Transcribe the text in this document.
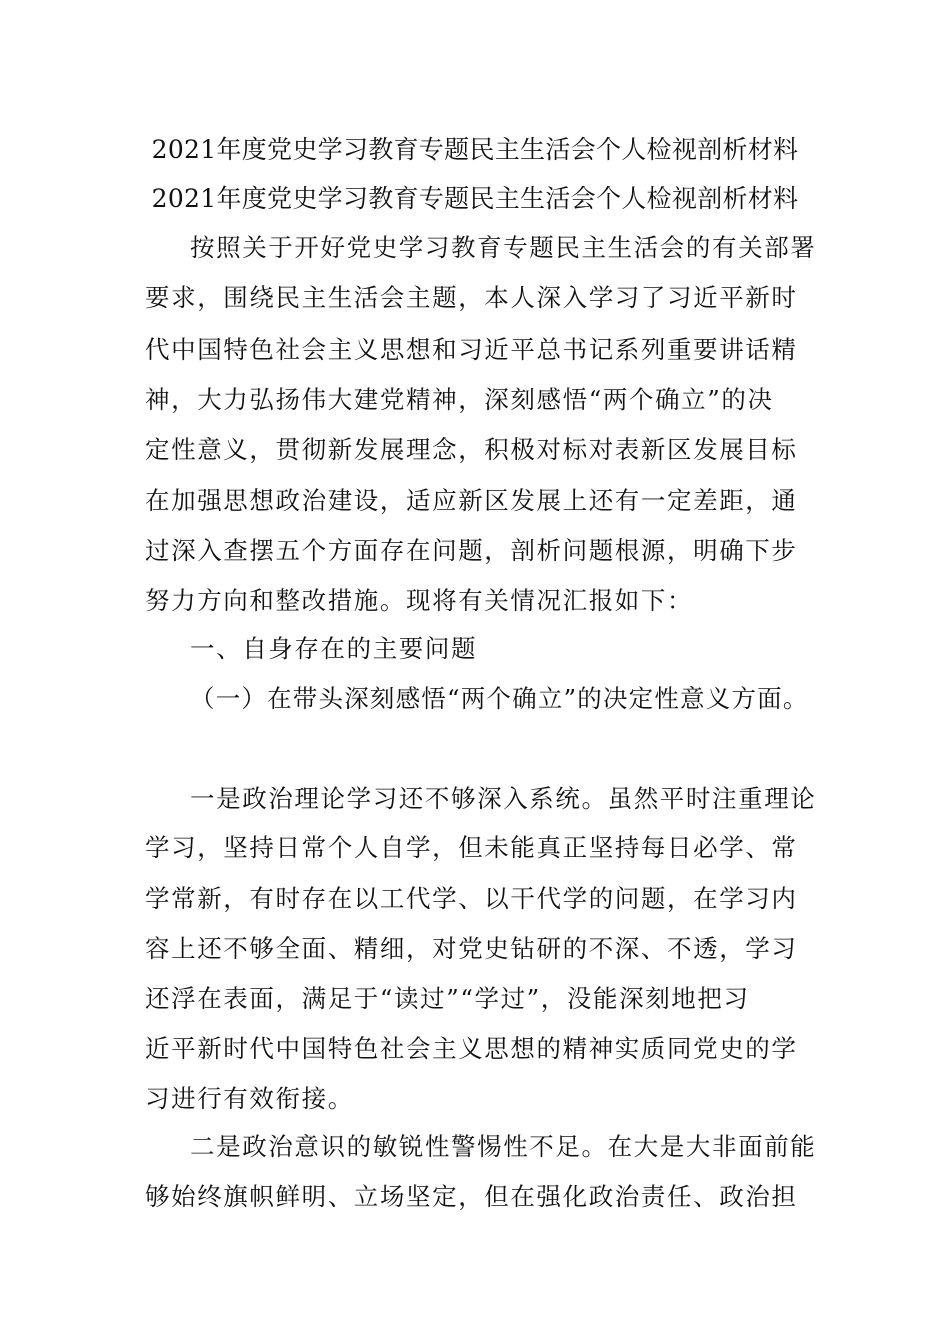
2021年度党史学习教育专题民主生活会个人检视剖析材料
2021年度党史学习教育专题民主生活会个人检视剖析材料
按照关于开好党史学习教育专题民主生活会的有关部署
要求，围绕民主生活会主题，本人深入学习了习近平新时
代中国特色社会主义思想和习近平总书记系列重要讲话精
神，大力弘扬伟大建党精神，深刻感悟“两个确立”的决
定性意义，贯彻新发展理念，积极对标对表新区发展目标
在加强思想政治建设，适应新区发展上还有一定差距，通
过深入查摆五个方面存在问题，剖析问题根源，明确下步
努力方向和整改措施。现将有关情况汇报如下：
一、自身存在的主要问题
（一）在带头深刻感悟“两个确立”的决定性意义方面。
一是政治理论学习还不够深入系统。虽然平时注重理论
学习，坚持日常个人自学，但未能真正坚持每日必学、常
学常新，有时存在以工代学、以干代学的问题，在学习内
容上还不够全面、精细，对党史钻研的不深、不透，学习
还浮在表面，满足于“读过”“学过”，没能深刻地把习
近平新时代中国特色社会主义思想的精神实质同党史的学
习进行有效衔接。
二是政治意识的敏锐性警惕性不足。在大是大非面前能
够始终旗帜鲜明、立场坚定，但在强化政治责任、政治担
